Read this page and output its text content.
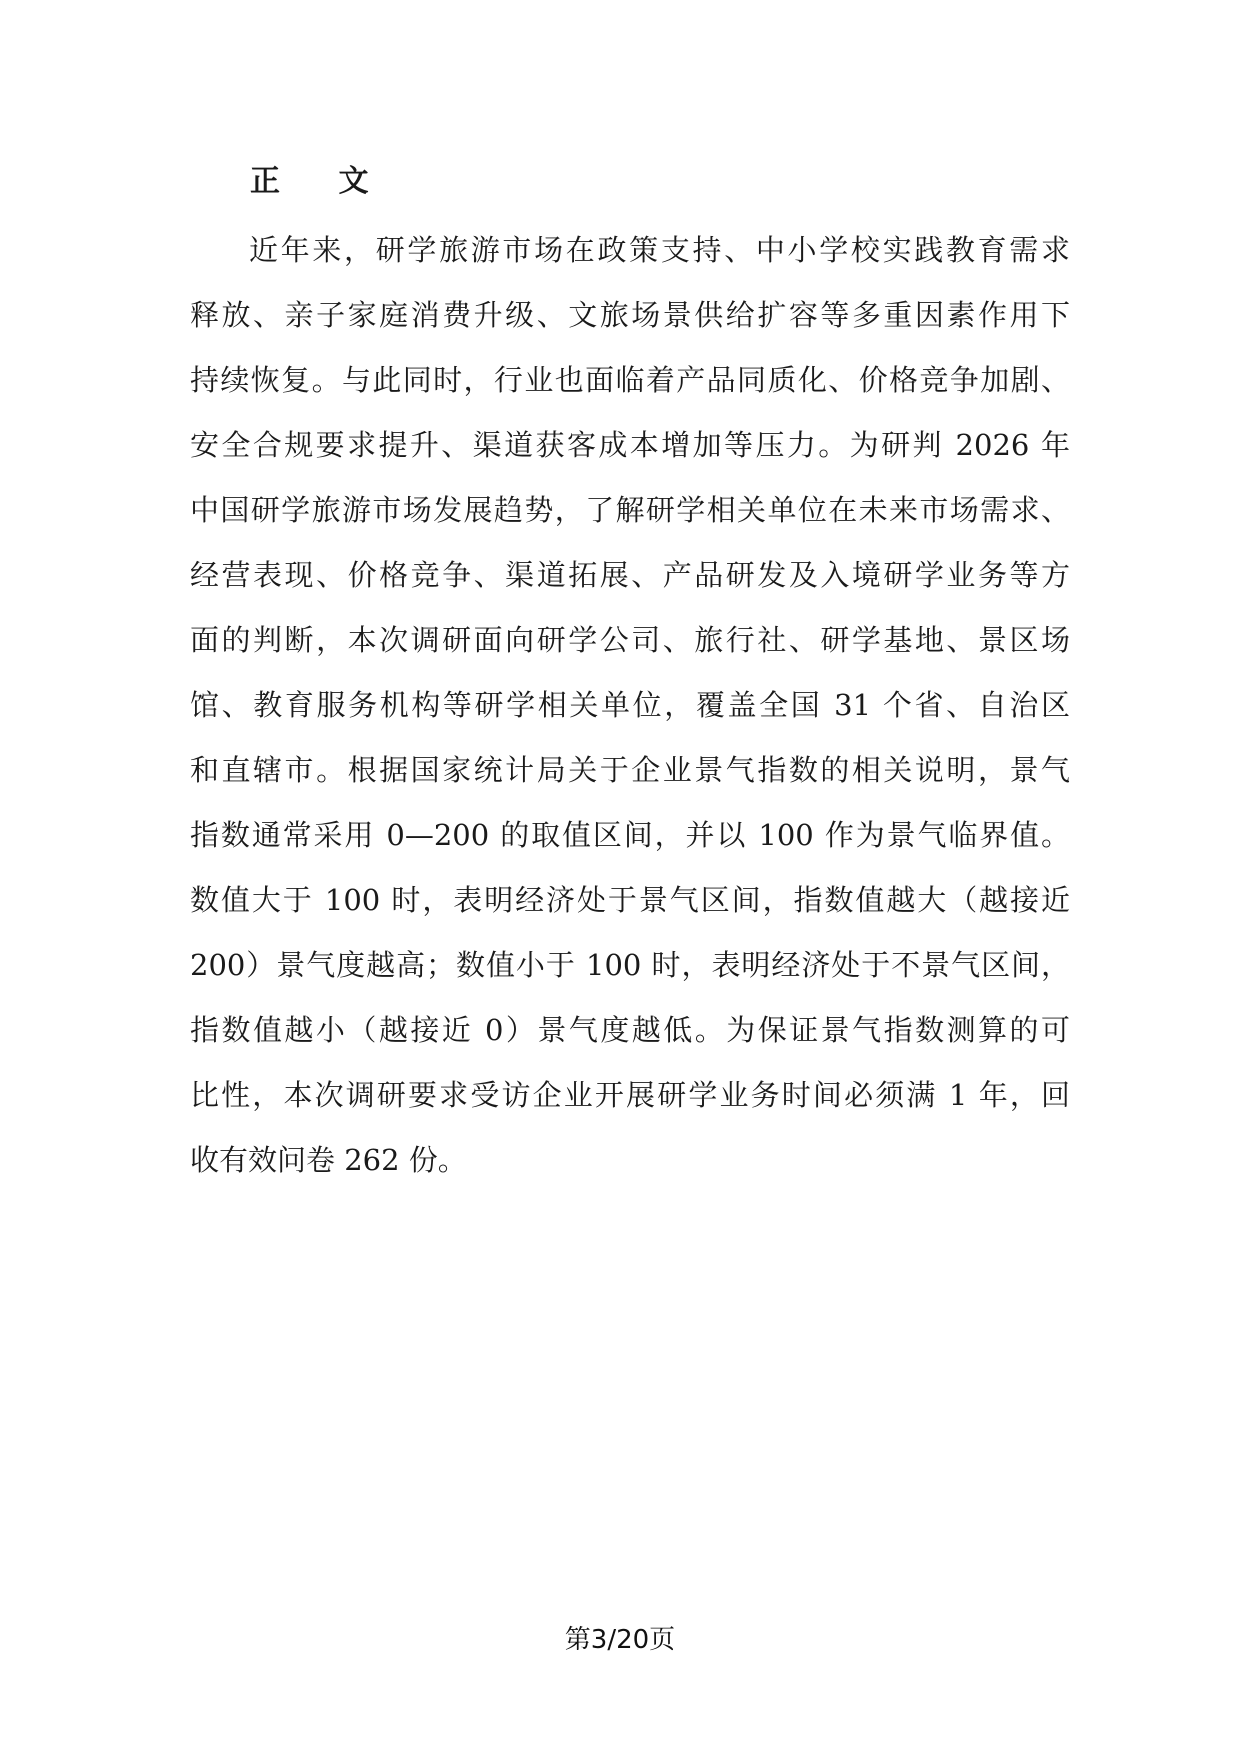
正 文
近年来，研学旅游市场在政策支持、中小学校实践教育需求
释放、亲子家庭消费升级、文旅场景供给扩容等多重因素作用下
持续恢复。与此同时，行业也面临着产品同质化、价格竞争加剧、
安全合规要求提升、渠道获客成本增加等压力。为研判 2026 年
中国研学旅游市场发展趋势，了解研学相关单位在未来市场需求、
经营表现、价格竞争、渠道拓展、产品研发及入境研学业务等方
面的判断，本次调研面向研学公司、旅行社、研学基地、景区场
馆、教育服务机构等研学相关单位，覆盖全国 31 个省、自治区
和直辖市。根据国家统计局关于企业景气指数的相关说明，景气
指数通常采用 0—200 的取值区间，并以 100 作为景气临界值。
数值大于 100 时，表明经济处于景气区间，指数值越大（越接近
200）景气度越高；数值小于 100 时，表明经济处于不景气区间，
指数值越小（越接近 0）景气度越低。为保证景气指数测算的可
比性，本次调研要求受访企业开展研学业务时间必须满 1 年，回
收有效问卷 262 份。
第3/20页
